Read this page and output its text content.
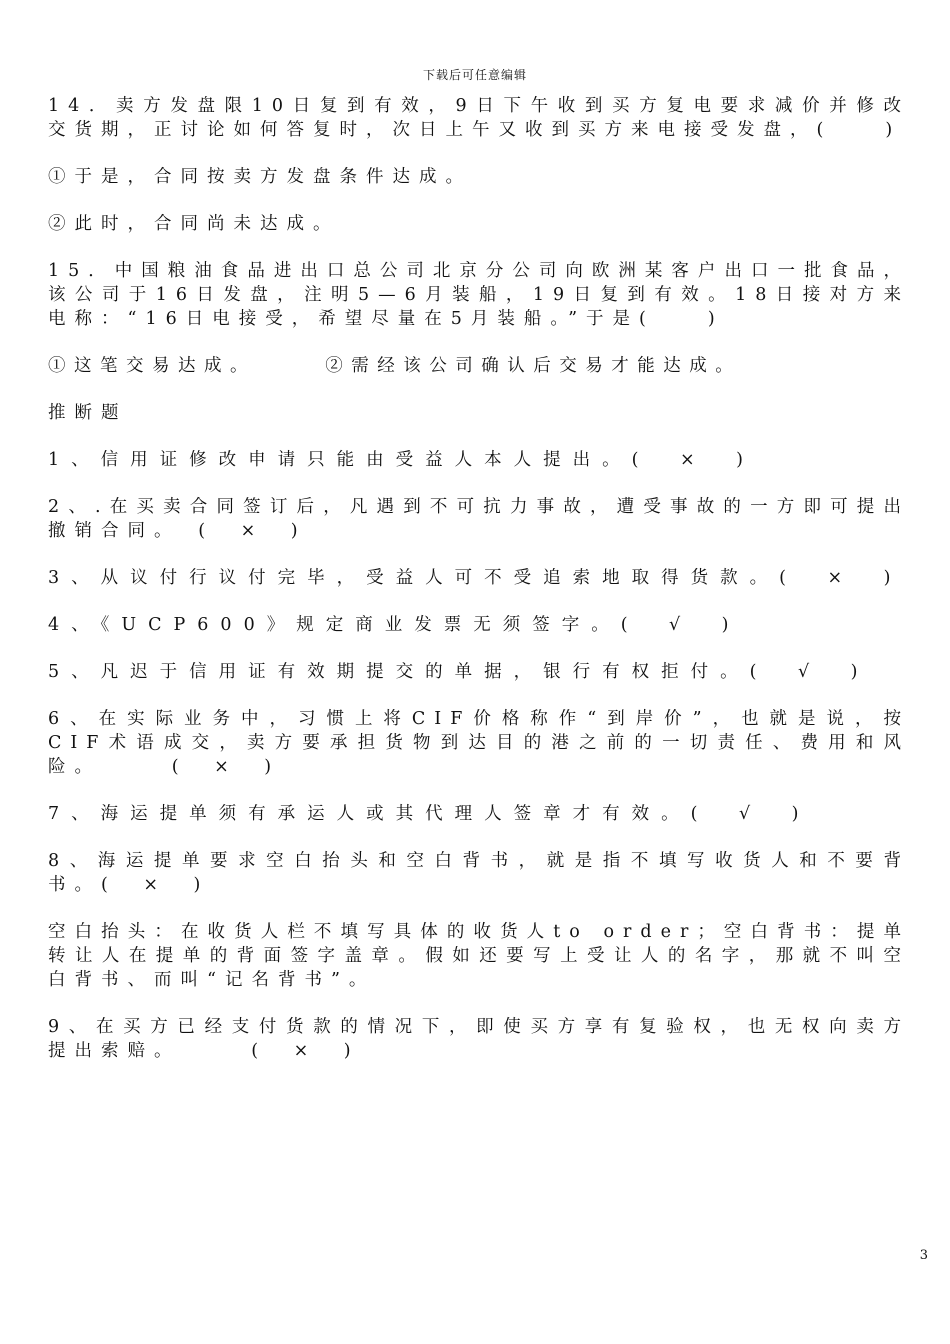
下载后可任意编辑

14．卖方发盘限10日复到有效，9日下午收到买方复电要求减价并修改交货期，正讨论如何答复时，次日上午又收到买方来电接受发盘，(　　)

①于是，合同按卖方发盘条件达成。

②此时，合同尚未达成。

15．中国粮油食品进出口总公司北京分公司向欧洲某客户出口一批食品，该公司于16日发盘，注明5—6月装船，19日复到有效。18日接对方来电称：“16日电接受，希望尽量在5月装船。”于是(　　)

①这笔交易达成。　　　②需经该公司确认后交易才能达成。

推断题

1、信用证修改申请只能由受益人本人提出。(　×　)

2、.在买卖合同签订后，凡遇到不可抗力事故，遭受事故的一方即可提出撤销合同。　(　×　)

3、从议付行议付完毕，受益人可不受追索地取得货款。(　×　)

4、《UCP600》规定商业发票无须签字。(　√　)

5、凡迟于信用证有效期提交的单据，银行有权拒付。(　√　)

6、在实际业务中，习惯上将CIF价格称作“到岸价”，也就是说，按CIF术语成交，卖方要承担货物到达目的港之前的一切责任、费用和风险。　　　(　×　)

7、海运提单须有承运人或其代理人签章才有效。(　√　)

8、海运提单要求空白抬头和空白背书，就是指不填写收货人和不要背书。(　×　)

空白抬头：在收货人栏不填写具体的收货人to order；空白背书：提单转让人在提单的背面签字盖章。假如还要写上受让人的名字，那就不叫空白背书、而叫“记名背书”。

9、在买方已经支付货款的情况下，即使买方享有复验权，也无权向卖方提出索赔。　　　(　×　)

3
